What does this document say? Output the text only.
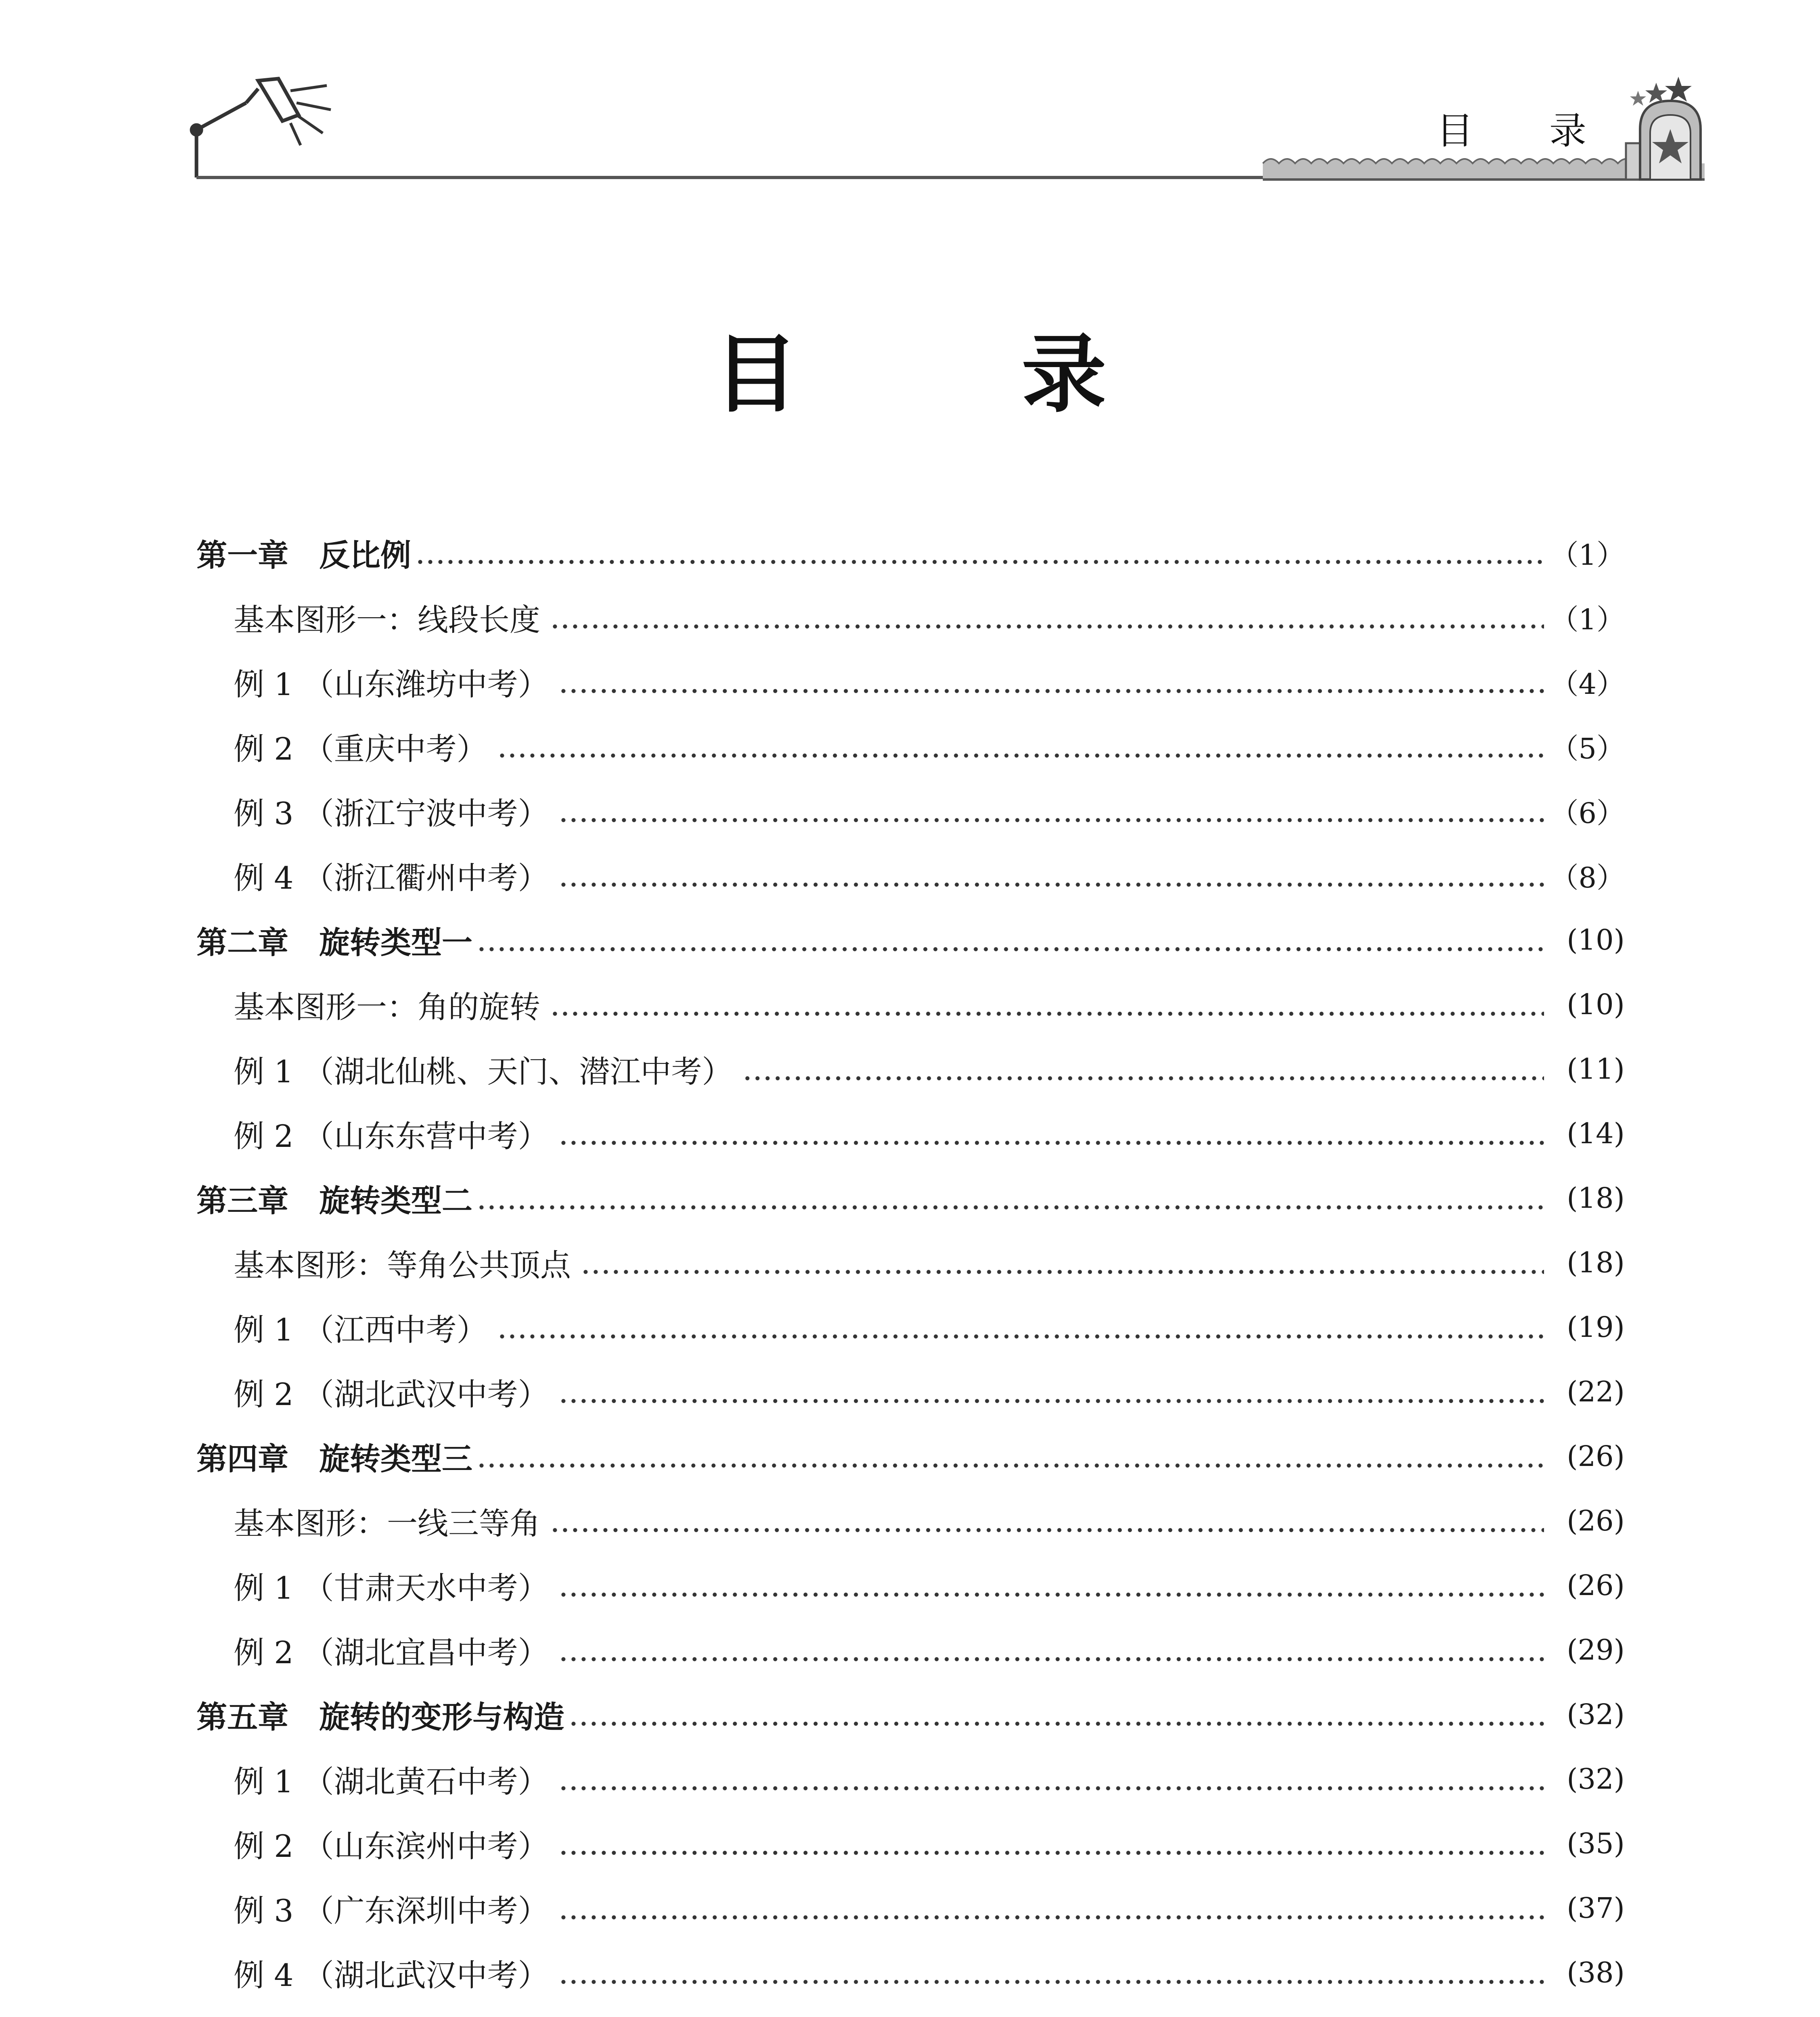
目 录
目 录
第一章　反比例	（1）
基本图形一：线段长度	（1）
例 1 （山东潍坊中考）	（4）
例 2 （重庆中考）	（5）
例 3 （浙江宁波中考）	（6）
例 4 （浙江衢州中考）	（8）
第二章　旋转类型一	(10)
基本图形一：角的旋转	(10)
例 1 （湖北仙桃、天门、潜江中考）	(11)
例 2 （山东东营中考）	(14)
第三章　旋转类型二	(18)
基本图形：等角公共顶点	(18)
例 1 （江西中考）	(19)
例 2 （湖北武汉中考）	(22)
第四章　旋转类型三	(26)
基本图形：一线三等角	(26)
例 1 （甘肃天水中考）	(26)
例 2 （湖北宜昌中考）	(29)
第五章　旋转的变形与构造	(32)
例 1 （湖北黄石中考）	(32)
例 2 （山东滨州中考）	(35)
例 3 （广东深圳中考）	(37)
例 4 （湖北武汉中考）	(38)
